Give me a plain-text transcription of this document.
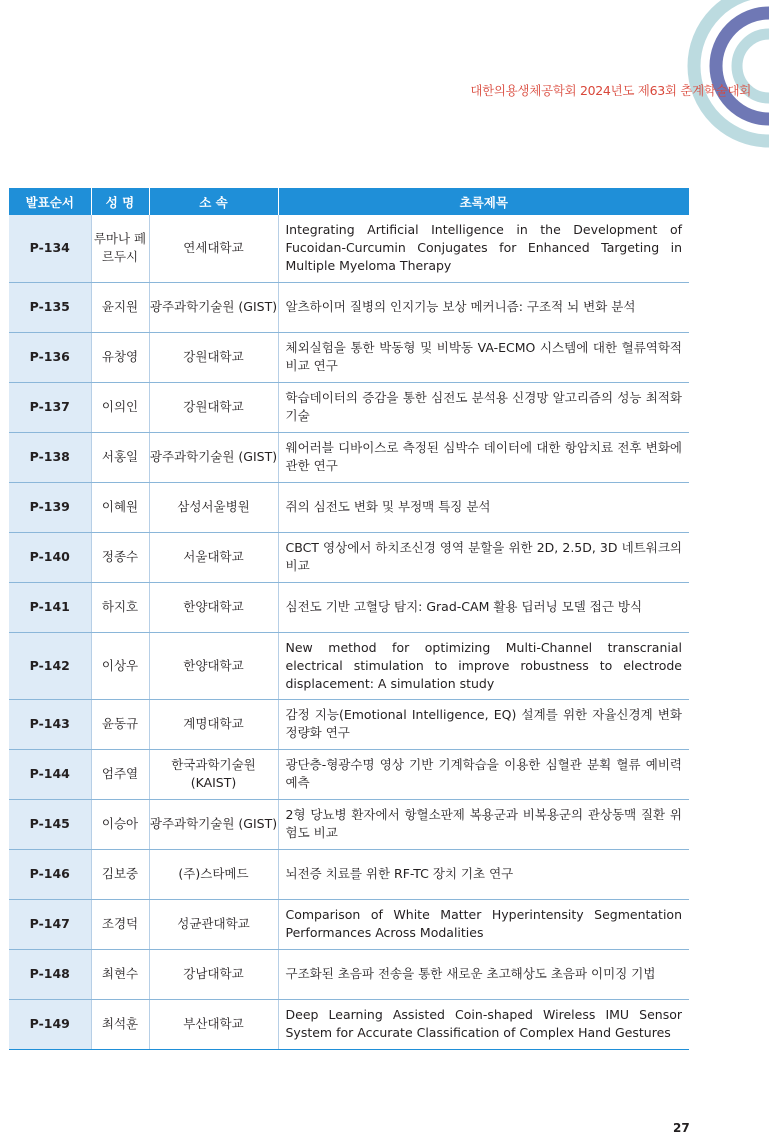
대한의용생체공학회 2024년도 제63회 춘계학술대회
발표순서	성 명	소 속	초록제목
P-134	루마나 페르두시	연세대학교	Integrating Artificial Intelligence in the Development of Fucoidan-Curcumin Conjugates for Enhanced Targeting in Multiple Myeloma Therapy
P-135	윤지원	광주과학기술원 (GIST)	알츠하이머 질병의 인지기능 보상 메커니즘: 구조적 뇌 변화 분석
P-136	유창영	강원대학교	체외실험을 통한 박동형 및 비박동 VA-ECMO 시스템에 대한 혈류역학적 비교 연구
P-137	이의인	강원대학교	학습데이터의 증감을 통한 심전도 분석용 신경망 알고리즘의 성능 최적화 기술
P-138	서홍일	광주과학기술원 (GIST)	웨어러블 디바이스로 측정된 심박수 데이터에 대한 항암치료 전후 변화에 관한 연구
P-139	이혜원	삼성서울병원	쥐의 심전도 변화 및 부정맥 특징 분석
P-140	정종수	서울대학교	CBCT 영상에서 하치조신경 영역 분할을 위한 2D, 2.5D, 3D 네트워크의 비교
P-141	하지호	한양대학교	심전도 기반 고혈당 탐지: Grad-CAM 활용 딥러닝 모델 접근 방식
P-142	이상우	한양대학교	New method for optimizing Multi-Channel transcranial electrical stimulation to improve robustness to electrode displacement: A simulation study
P-143	윤동규	계명대학교	감정 지능(Emotional Intelligence, EQ) 설계를 위한 자율신경계 변화 정량화 연구
P-144	엄주열	한국과학기술원 (KAIST)	광단층-형광수명 영상 기반 기계학습을 이용한 심혈관 분획 혈류 예비력 예측
P-145	이승아	광주과학기술원 (GIST)	2형 당뇨병 환자에서 항혈소판제 복용군과 비복용군의 관상동맥 질환 위험도 비교
P-146	김보중	(주)스타메드	뇌전증 치료를 위한 RF-TC 장치 기초 연구
P-147	조경덕	성균관대학교	Comparison of White Matter Hyperintensity Segmentation Performances Across Modalities
P-148	최현수	강남대학교	구조화된 초음파 전송을 통한 새로운 초고해상도 초음파 이미징 기법
P-149	최석훈	부산대학교	Deep Learning Assisted Coin-shaped Wireless IMU Sensor System for Accurate Classification of Complex Hand Gestures
27
